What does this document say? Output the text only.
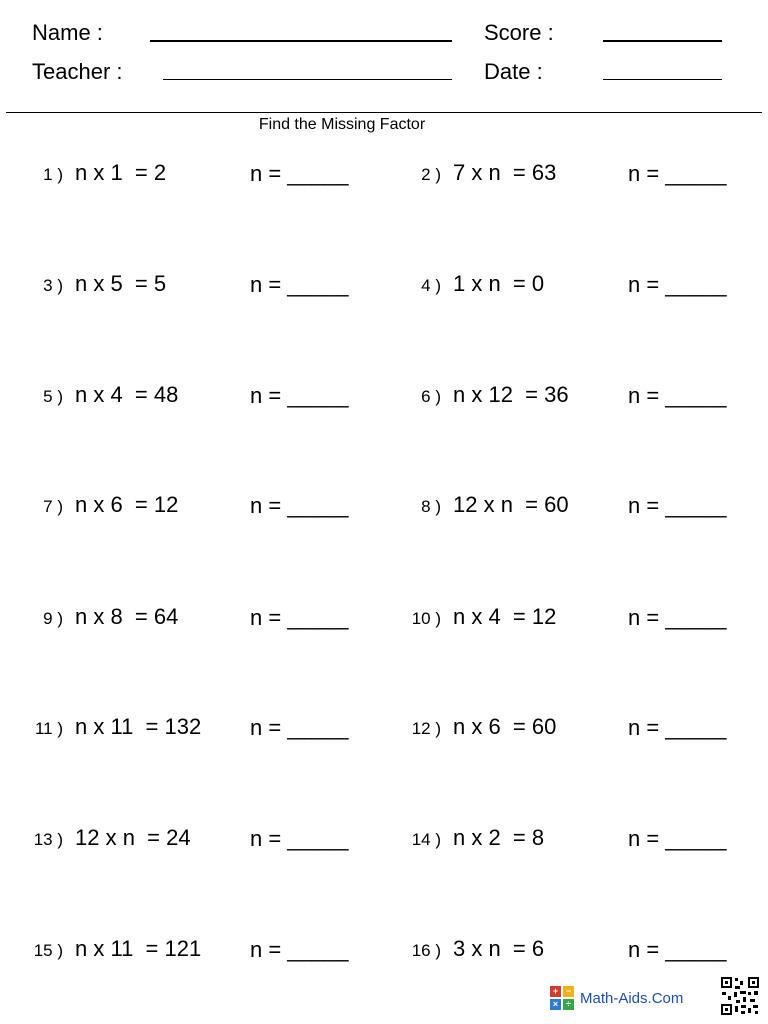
Name :
Teacher :
Score :
Date :
Find the Missing Factor
1 ) n x 1  = 2	n = _____	2 ) 7 x n  = 63	n = _____
3 ) n x 5  = 5	n = _____	4 ) 1 x n  = 0	n = _____
5 ) n x 4  = 48	n = _____	6 ) n x 12  = 36	n = _____
7 ) n x 6  = 12	n = _____	8 ) 12 x n  = 60	n = _____
9 ) n x 8  = 64	n = _____	10 ) n x 4  = 12	n = _____
11 ) n x 11  = 132 n = _____	12 ) n x 6  = 60	n = _____
13 ) 12 x n  = 24	n = _____	14 ) n x 2  = 8	n = _____
15 ) n x 11  = 121 n = _____	16 ) 3 x n  = 6	n = _____
+ −
× ÷ Math-Aids.Com
